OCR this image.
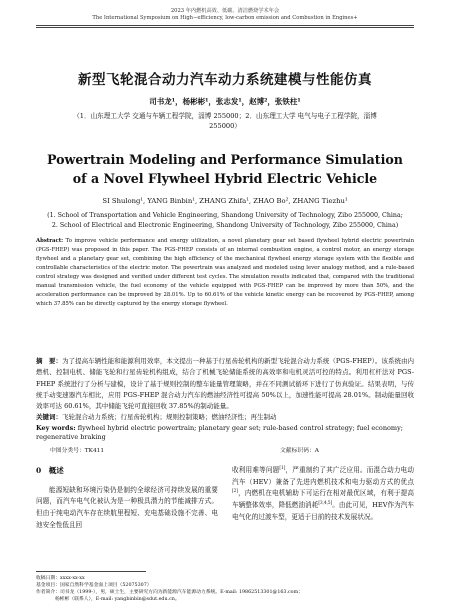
2023 年内燃机高效、低碳、清洁燃烧学术年会
The International Symposium on High−efficiency, low-carbon emission and Combustion in Engines+
新型飞轮混合动力汽车动力系统建模与性能仿真
司书龙¹，杨彬彬¹，张志发¹，赵博²，张铁柱¹
（1．山东理工大学 交通与车辆工程学院，淄博 255000；2．山东理工大学 电气与电子工程学院，淄博 255000）
Powertrain Modeling and Performance Simulation of a Novel Flywheel Hybrid Electric Vehicle
SI Shulong¹, YANG Binbin¹, ZHANG Zhifa¹, ZHAO Bo², ZHANG Tiezhu¹
(1. School of Transportation and Vehicle Engineering, Shandong University of Technology, Zibo 255000, China;
2. School of Electrical and Electronic Engineering, Shandong University of Technology, Zibo 255000, China)
Abstract: To improve vehicle performance and energy utilization, a novel planetary gear set based flywheel hybrid electric powertrain (PGS-FHEP) was proposed in this paper. The PGS-FHEP consists of an internal combustion engine, a control motor, an energy storage flywheel and a planetary gear set, combining the high efficiency of the mechanical flywheel energy storage system with the flexible and controllable characteristics of the electric motor. The powertrain was analyzed and modeled using lever analogy method, and a rule-based control strategy was designed and verified under different test cycles. The simulation results indicated that, compared with the traditional manual transmission vehicle, the fuel economy of the vehicle equipped with PGS-FHEP can be improved by more than 50%, and the acceleration performance can be improved by 28.01%. Up to 60.61% of the vehicle kinetic energy can be recovered by PGS-FHEP, among which 37.85% can be directly captured by the energy storage flywheel.
摘　要：为了提高车辆性能和能源利用效率，本文提出一种基于行星齿轮机构的新型飞轮混合动力系统（PGS-FHEP）。该系统由内燃机、控制电机、储能飞轮和行星齿轮机构组成，结合了机械飞轮储能系统的高效率和电机灵活可控的特点。利用杠杆法对 PGS-FHEP 系统进行了分析与建模，设计了基于规则控制的整车能量管理策略，并在不同测试循环下进行了仿真验证。结果表明，与传统手动变速器汽车相比，应用 PGS-FHEP 混合动力汽车的燃油经济性可提高 50%以上，加速性能可提高 28.01%。制动能量回收效率可达 60.61%，其中储能飞轮可直接回收 37.85%的制动能量。
关键词：飞轮混合动力系统；行星齿轮机构；规则控制策略；燃油经济性；再生制动
Key words: flywheel hybrid electric powertrain; planetary gear set; rule-based control strategy; fuel economy; regenerative braking
中图分类号：TK411	文献标识码：A
0　概述
能源短缺和环境污染仍是制约全球经济可持续发展的重要问题，而汽车电气化被认为是一种极具潜力的节能减排方式。但由于纯电动汽车存在续航里程短、充电基础设施不完善、电池安全性低且回
收利用难等问题[1]，严重制约了其广泛应用。而混合动力电动汽车（HEV）兼备了先进内燃机技术和电力驱动方式的优点[2]，内燃机在电机辅助下可运行在相对最优区域，有利于提高车辆整体效率，降低燃油消耗[3,4,5]。由此可见，HEV作为汽车电气化的过渡车型，更适于目前的技术发展状况。
收稿日期：xxxx-xx-xx
基金项目：国家自然科学基金面上项目（52075307）
作者简介：司书龙（1999-），男，硕士生，主要研究方向为新能源汽车能源动力系统。E-mail: 19862513301@163.com；
杨彬彬（联系人），E-mail: yangbinbin@sdut.edu.cn。
